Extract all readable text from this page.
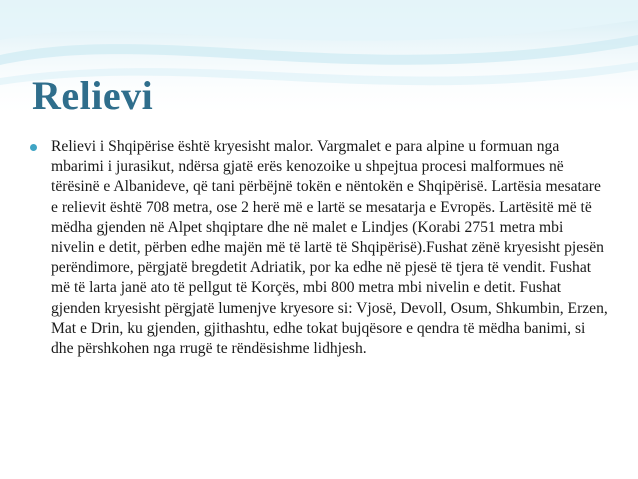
Relievi

Relievi i Shqipërise është kryesisht malor. Vargmalet e para alpine u formuan nga mbarimi i jurasikut, ndërsa gjatë erës kenozoike u shpejtua procesi malformues në tërësinë e Albanideve, që tani përbëjnë tokën e nëntokën e Shqipërisë. Lartësia mesatare e relievit është 708 metra, ose 2 herë më e lartë se mesatarja e Evropës. Lartësitë më të mëdha gjenden në Alpet shqiptare dhe në malet e Lindjes (Korabi 2751 metra mbi nivelin e detit, përben edhe majën më të lartë të Shqipërisë).Fushat zënë kryesisht pjesën perëndimore, përgjatë bregdetit Adriatik, por ka edhe në pjesë të tjera të vendit. Fushat më të larta janë ato të pellgut të Korçës, mbi 800 metra mbi nivelin e detit. Fushat gjenden kryesisht përgjatë lumenjve kryesore si: Vjosë, Devoll, Osum, Shkumbin, Erzen, Mat e Drin, ku gjenden, gjithashtu, edhe tokat bujqësore e qendra të mëdha banimi, si dhe përshkohen nga rrugë te rëndësishme lidhjesh.
